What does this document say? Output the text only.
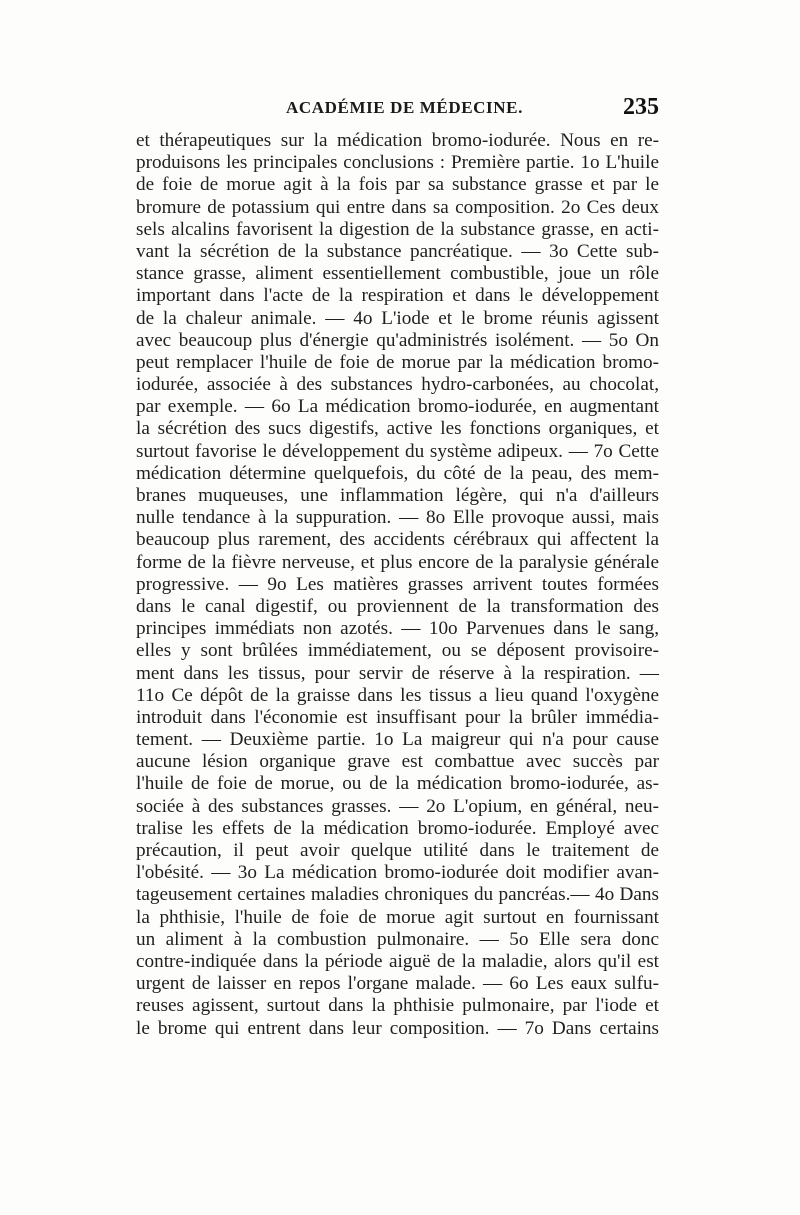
ACADÉMIE DE MÉDECINE.	235
et thérapeutiques sur la médication bromo-iodurée. Nous en re-
produisons les principales conclusions : Première partie. 1o L'huile
de foie de morue agit à la fois par sa substance grasse et par le
bromure de potassium qui entre dans sa composition. 2o Ces deux
sels alcalins favorisent la digestion de la substance grasse, en acti-
vant la sécrétion de la substance pancréatique. — 3o Cette sub-
stance grasse, aliment essentiellement combustible, joue un rôle
important dans l'acte de la respiration et dans le développement
de la chaleur animale. — 4o L'iode et le brome réunis agissent
avec beaucoup plus d'énergie qu'administrés isolément. — 5o On
peut remplacer l'huile de foie de morue par la médication bromo-
iodurée, associée à des substances hydro-carbonées, au chocolat,
par exemple. — 6o La médication bromo-iodurée, en augmentant
la sécrétion des sucs digestifs, active les fonctions organiques, et
surtout favorise le développement du système adipeux. — 7o Cette
médication détermine quelquefois, du côté de la peau, des mem-
branes muqueuses, une inflammation légère, qui n'a d'ailleurs
nulle tendance à la suppuration. — 8o Elle provoque aussi, mais
beaucoup plus rarement, des accidents cérébraux qui affectent la
forme de la fièvre nerveuse, et plus encore de la paralysie générale
progressive. — 9o Les matières grasses arrivent toutes formées
dans le canal digestif, ou proviennent de la transformation des
principes immédiats non azotés. — 10o Parvenues dans le sang,
elles y sont brûlées immédiatement, ou se déposent provisoire-
ment dans les tissus, pour servir de réserve à la respiration. —
11o Ce dépôt de la graisse dans les tissus a lieu quand l'oxygène
introduit dans l'économie est insuffisant pour la brûler immédia-
tement. — Deuxième partie. 1o La maigreur qui n'a pour cause
aucune lésion organique grave est combattue avec succès par
l'huile de foie de morue, ou de la médication bromo-iodurée, as-
sociée à des substances grasses. — 2o L'opium, en général, neu-
tralise les effets de la médication bromo-iodurée. Employé avec
précaution, il peut avoir quelque utilité dans le traitement de
l'obésité. — 3o La médication bromo-iodurée doit modifier avan-
tageusement certaines maladies chroniques du pancréas.— 4o Dans
la phthisie, l'huile de foie de morue agit surtout en fournissant
un aliment à la combustion pulmonaire. — 5o Elle sera donc
contre-indiquée dans la période aiguë de la maladie, alors qu'il est
urgent de laisser en repos l'organe malade. — 6o Les eaux sulfu-
reuses agissent, surtout dans la phthisie pulmonaire, par l'iode et
le brome qui entrent dans leur composition. — 7o Dans certains
